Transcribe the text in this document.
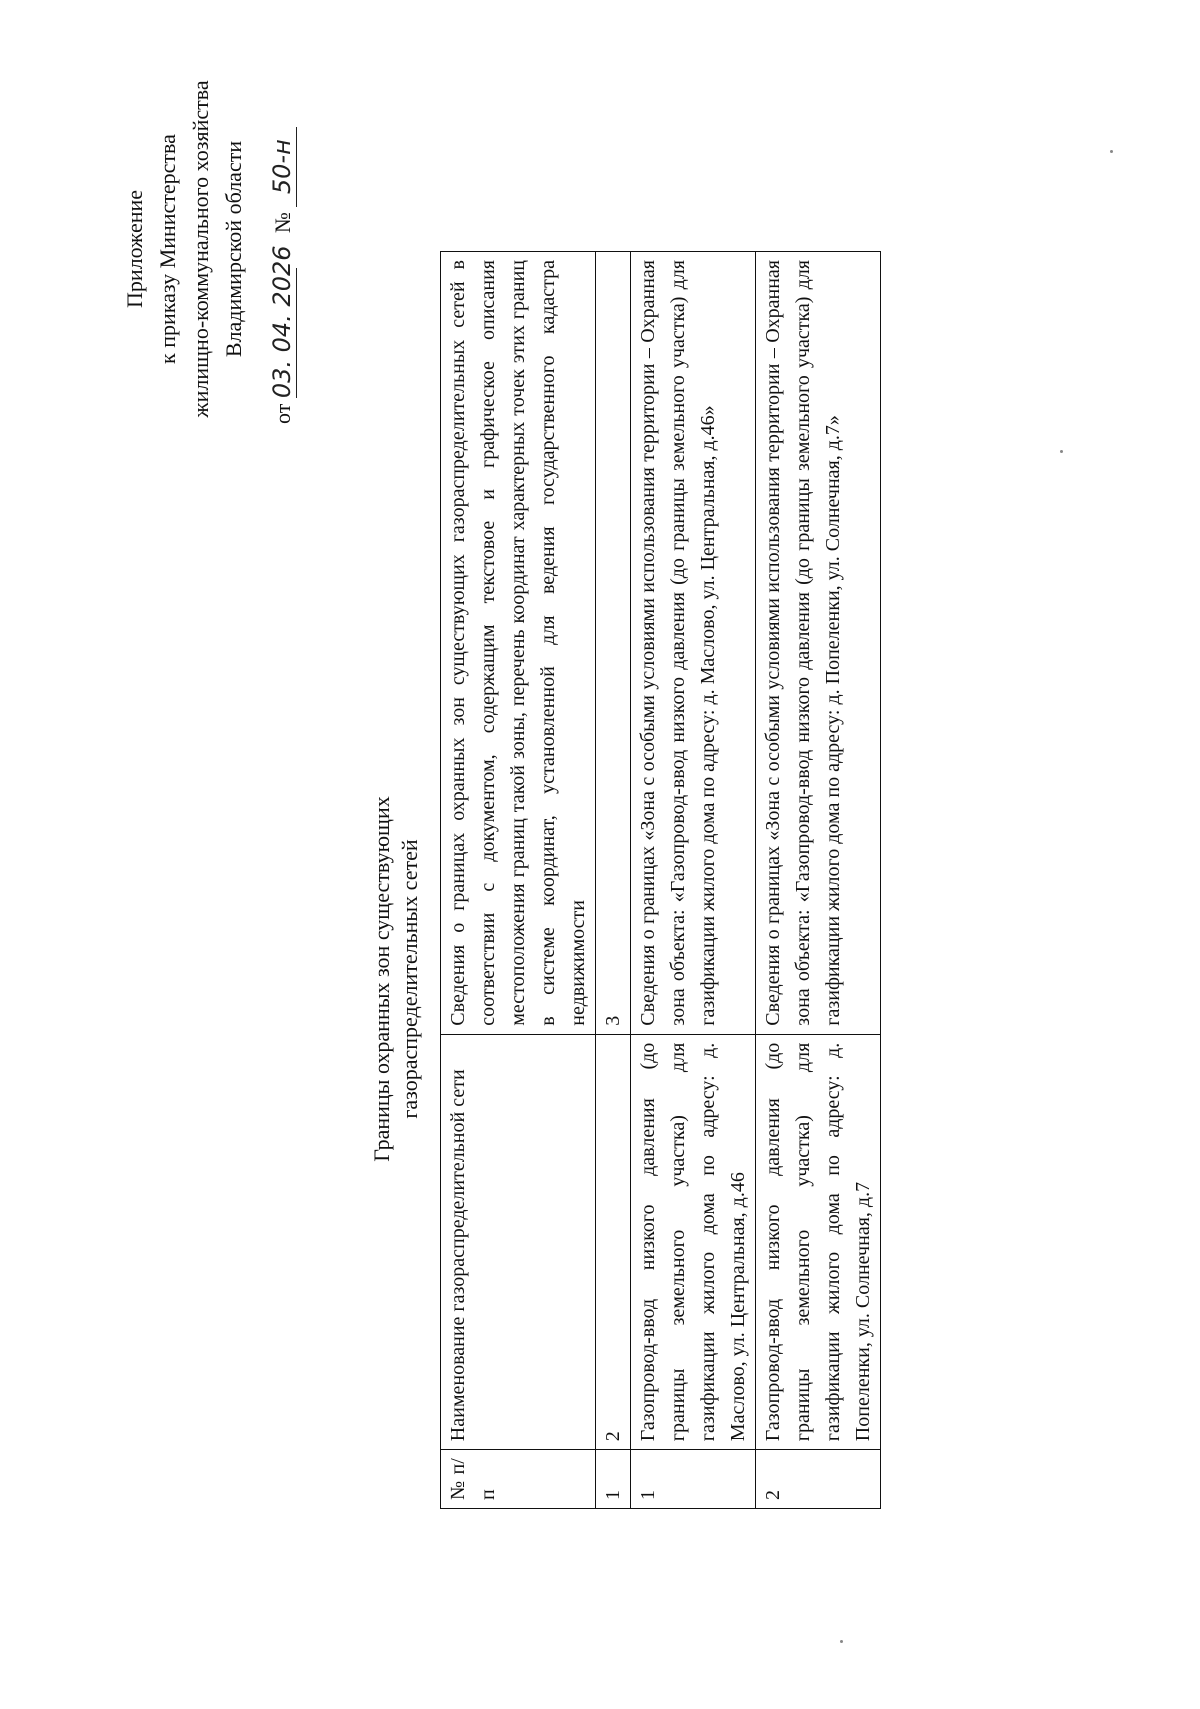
Приложение к приказу Министерства жилищно-коммунального хозяйства Владимирской области
от 03. 04. 2026  № 50-н
Границы охранных зон существующих газораспределительных сетей
№ п/п	Наименование газораспределительной сети	Сведения о границах охранных зон существующих газораспределительных сетей в соответствии с документом, содержащим текстовое и графическое описания местоположения границ такой зоны, перечень координат характерных точек этих границ в системе координат, установленной для ведения государственного кадастра недвижимости
1	2	3
1	Газопровод-ввод низкого давления (до границы земельного участка) для газификации жилого дома по адресу: д. Маслово, ул. Центральная, д.46	Сведения о границах «Зона с особыми условиями использования территории – Охранная зона объекта: «Газопровод-ввод низкого давления (до границы земельного участка) для газификации жилого дома по адресу: д. Маслово, ул. Центральная, д.46»
2	Газопровод-ввод низкого давления (до границы земельного участка) для газификации жилого дома по адресу: д. Попеленки, ул. Солнечная, д.7	Сведения о границах «Зона с особыми условиями использования территории – Охранная зона объекта: «Газопровод-ввод низкого давления (до границы земельного участка) для газификации жилого дома по адресу: д. Попеленки, ул. Солнечная, д.7»
